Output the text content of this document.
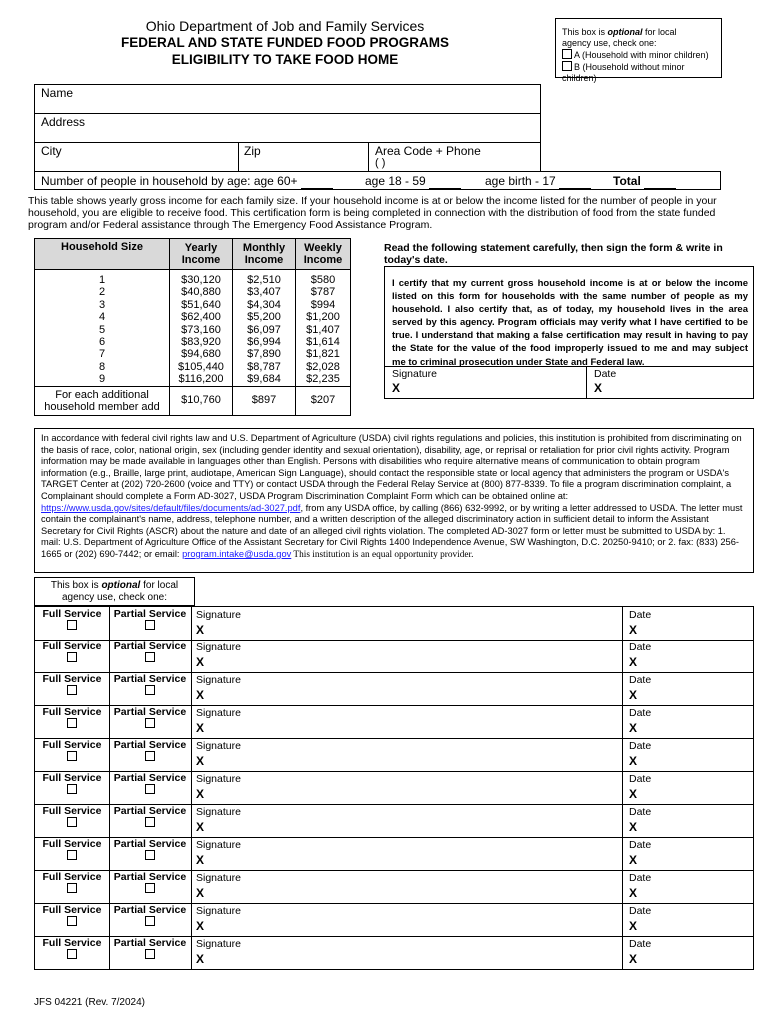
Ohio Department of Job and Family Services
FEDERAL AND STATE FUNDED FOOD PROGRAMS
ELIGIBILITY TO TAKE FOOD HOME
This box is optional for local
agency use, check one:
A (Household with minor children)
B (Household without minor children)
Name
Address
City	Zip	Area Code + Phone
( )
Number of people in household by age: age 60+	age 18 - 59	age birth - 17	Total
This table shows yearly gross income for each family size. If your household income is at or below the income listed for the number of people in your household, you are eligible to receive food. This certification form is being completed in connection with the distribution of food from the state funded program and/or Federal assistance through The Emergency Food Assistance Program.
Household Size	Yearly Income	Monthly Income	Weekly Income
1	$30,120	$2,510	$580
2	$40,880	$3,407	$787
3	$51,640	$4,304	$994
4	$62,400	$5,200	$1,200
5	$73,160	$6,097	$1,407
6	$83,920	$6,994	$1,614
7	$94,680	$7,890	$1,821
8	$105,440	$8,787	$2,028
9	$116,200	$9,684	$2,235
For each additional household member add	$10,760	$897	$207
Read the following statement carefully, then sign the form & write in today's date.
I certify that my current gross household income is at or below the income listed on this form for households with the same number of people as my household. I also certify that, as of today, my household lives in the area served by this agency. Program officials may verify what I have certified to be true. I understand that making a false certification may result in having to pay the State for the value of the food improperly issued to me and may subject me to criminal prosecution under State and Federal law.
Signature
X
Date
X
In accordance with federal civil rights law and U.S. Department of Agriculture (USDA) civil rights regulations and policies, this institution is prohibited from discriminating on the basis of race, color, national origin, sex (including gender identity and sexual orientation), disability, age, or reprisal or retaliation for prior civil rights activity. Program information may be made available in languages other than English. Persons with disabilities who require alternative means of communication to obtain program information (e.g., Braille, large print, audiotape, American Sign Language), should contact the responsible state or local agency that administers the program or USDA's TARGET Center at (202) 720-2600 (voice and TTY) or contact USDA through the Federal Relay Service at (800) 877-8339. To file a program discrimination complaint, a Complainant should complete a Form AD-3027, USDA Program Discrimination Complaint Form which can be obtained online at: https://www.usda.gov/sites/default/files/documents/ad-3027.pdf, from any USDA office, by calling (866) 632-9992, or by writing a letter addressed to USDA. The letter must contain the complainant's name, address, telephone number, and a written description of the alleged discriminatory action in sufficient detail to inform the Assistant Secretary for Civil Rights (ASCR) about the nature and date of an alleged civil rights violation. The completed AD-3027 form or letter must be submitted to USDA by: 1. mail: U.S. Department of Agriculture Office of the Assistant Secretary for Civil Rights 1400 Independence Avenue, SW Washington, D.C. 20250-9410; or 2. fax: (833) 256-1665 or (202) 690-7442; or email: program.intake@usda.gov This institution is an equal opportunity provider.
This box is optional for local
agency use, check one:
Full Service	Partial Service Signature
X
Date
X
Full Service	Partial Service Signature
X
Date
X
Full Service	Partial Service Signature
X
Date
X
Full Service	Partial Service Signature
X
Date
X
Full Service	Partial Service Signature
X
Date
X
Full Service	Partial Service Signature
X
Date
X
Full Service	Partial Service Signature
X
Date
X
Full Service	Partial Service Signature
X
Date
X
Full Service	Partial Service Signature
X
Date
X
Full Service	Partial Service Signature
X
Date
X
Full Service	Partial Service Signature
X
Date
X
JFS 04221 (Rev. 7/2024)
